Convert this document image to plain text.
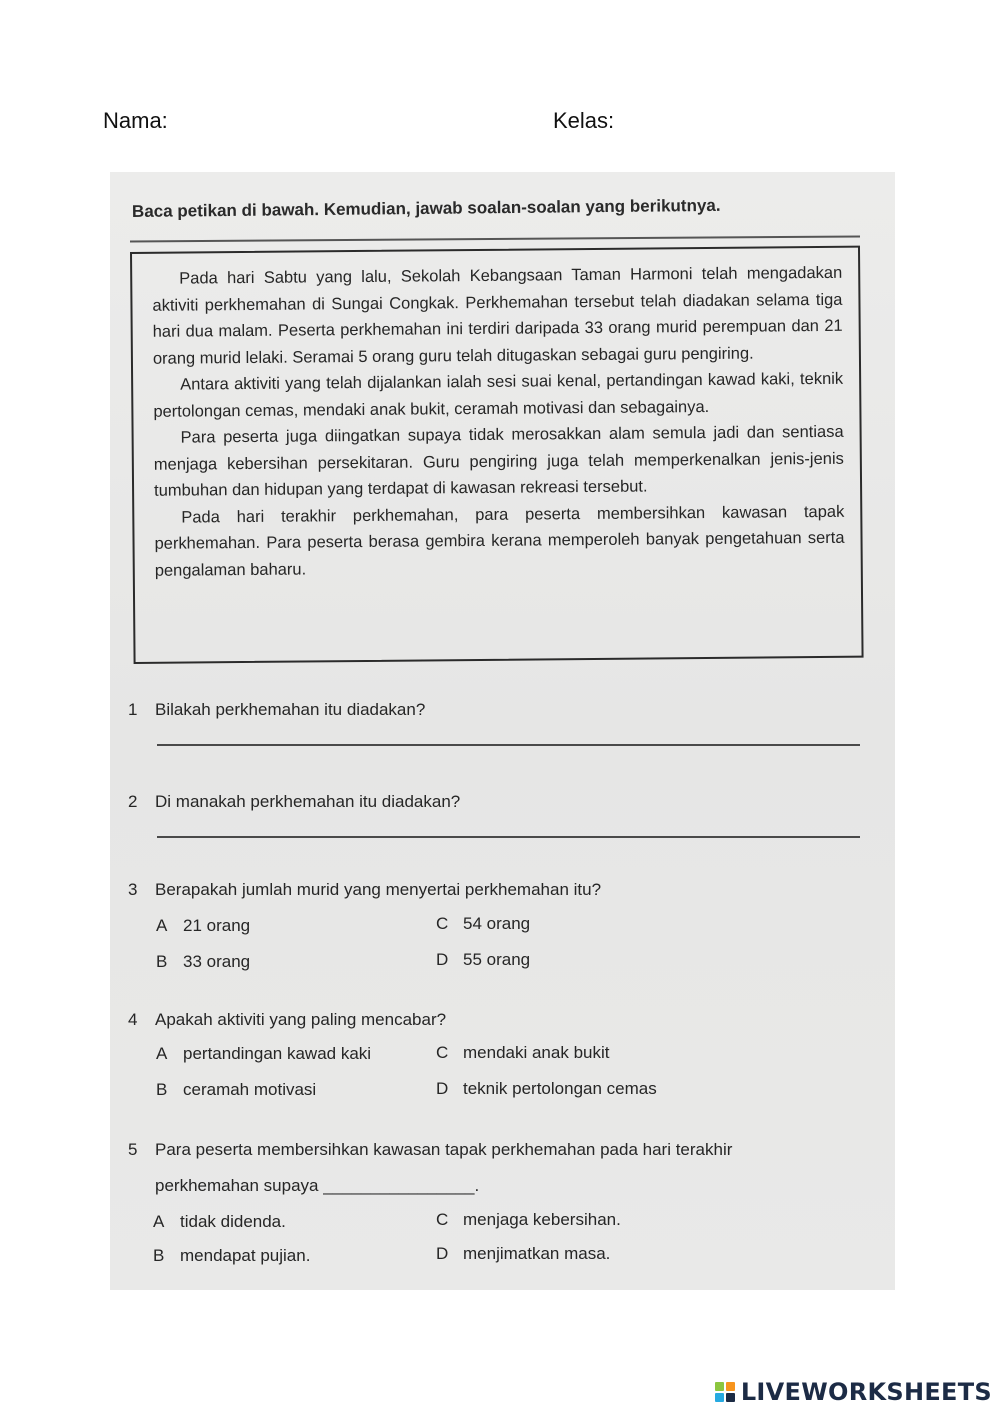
Nama:	Kelas:
Baca petikan di bawah. Kemudian, jawab soalan-soalan yang berikutnya.

Pada hari Sabtu yang lalu, Sekolah Kebangsaan Taman Harmoni telah mengadakan aktiviti perkhemahan di Sungai Congkak. Perkhemahan tersebut telah diadakan selama tiga hari dua malam. Peserta perkhemahan ini terdiri daripada 33 orang murid perempuan dan 21 orang murid lelaki. Seramai 5 orang guru telah ditugaskan sebagai guru pengiring.

Antara aktiviti yang telah dijalankan ialah sesi suai kenal, pertandingan kawad kaki, teknik pertolongan cemas, mendaki anak bukit, ceramah motivasi dan sebagainya.

Para peserta juga diingatkan supaya tidak merosakkan alam semula jadi dan sentiasa menjaga kebersihan persekitaran. Guru pengiring juga telah memperkenalkan jenis-jenis tumbuhan dan hidupan yang terdapat di kawasan rekreasi tersebut.

Pada hari terakhir perkhemahan, para peserta membersihkan kawasan tapak perkhemahan. Para peserta berasa gembira kerana memperoleh banyak pengetahuan serta pengalaman baharu.

1 Bilakah perkhemahan itu diadakan?
2 Di manakah perkhemahan itu diadakan?
3 Berapakah jumlah murid yang menyertai perkhemahan itu?
A 21 orang	C 54 orang
B 33 orang	D 55 orang
4 Apakah aktiviti yang paling mencabar?
A pertandingan kawad kaki	C mendaki anak bukit
B ceramah motivasi	D teknik pertolongan cemas
5 Para peserta membersihkan kawasan tapak perkhemahan pada hari terakhir
perkhemahan supaya ________________.
A tidak didenda.	C menjaga kebersihan.
B mendapat pujian.	D menjimatkan masa.
LIVEWORKSHEETS
